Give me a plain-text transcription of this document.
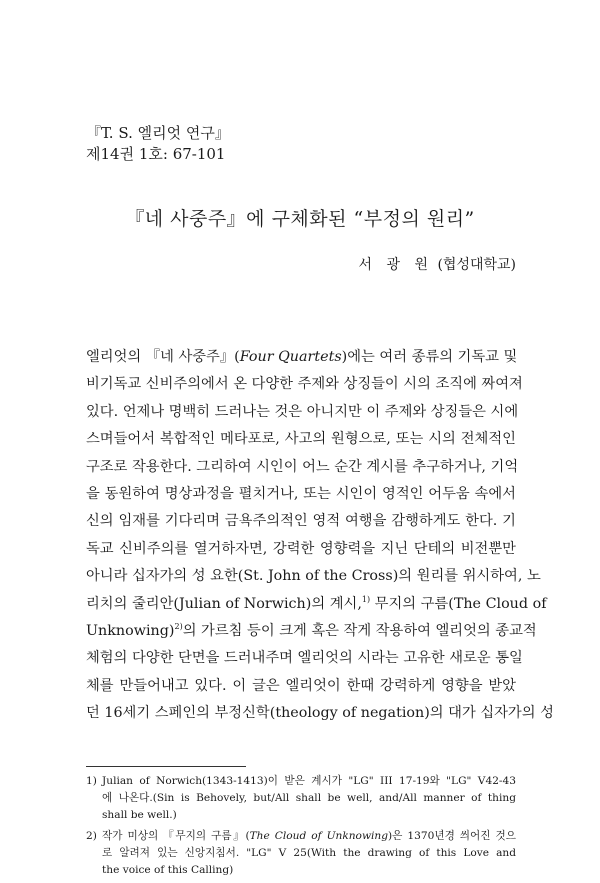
『T. S. 엘리엇 연구』
제14권 1호: 67-101
『네 사중주』에 구체화된 “부정의 원리”
서 광 원 (협성대학교)
엘리엇의 『네 사중주』(Four Quartets)에는 여러 종류의 기독교 및
비기독교 신비주의에서 온 다양한 주제와 상징들이 시의 조직에 짜여져
있다. 언제나 명백히 드러나는 것은 아니지만 이 주제와 상징들은 시에
스며들어서 복합적인 메타포로, 사고의 원형으로, 또는 시의 전체적인
구조로 작용한다. 그리하여 시인이 어느 순간 계시를 추구하거나, 기억
을 동원하여 명상과정을 펼치거나, 또는 시인이 영적인 어두움 속에서
신의 임재를 기다리며 금욕주의적인 영적 여행을 감행하게도 한다. 기
독교 신비주의를 열거하자면, 강력한 영향력을 지닌 단테의 비전뿐만
아니라 십자가의 성 요한(St. John of the Cross)의 원리를 위시하여, 노
리치의 줄리안(Julian of Norwich)의 계시,$^{1)}$ 무지의 구름(The Cloud of
Unknowing)$^{2)}$의 가르침 등이 크게 혹은 작게 작용하여 엘리엇의 종교적
체험의 다양한 단면을 드러내주며 엘리엇의 시라는 고유한 새로운 통일
체를 만들어내고 있다. 이 글은 엘리엇이 한때 강력하게 영향을 받았
던 16세기 스페인의 부정신학(theology of negation)의 대가 십자가의 성
1) Julian of Norwich(1343-1413)이 받은 계시가 "LG" III 17-19와 "LG" V42-43
에 나온다.(Sin is Behovely, but/All shall be well, and/All manner of thing
shall be well.)
2) 작가 미상의 『무지의 구름』(The Cloud of Unknowing)은 1370년경 씌어진 것으
로 알려져 있는 신앙지침서. "LG" V 25(With the drawing of this Love and
the voice of this Calling)
